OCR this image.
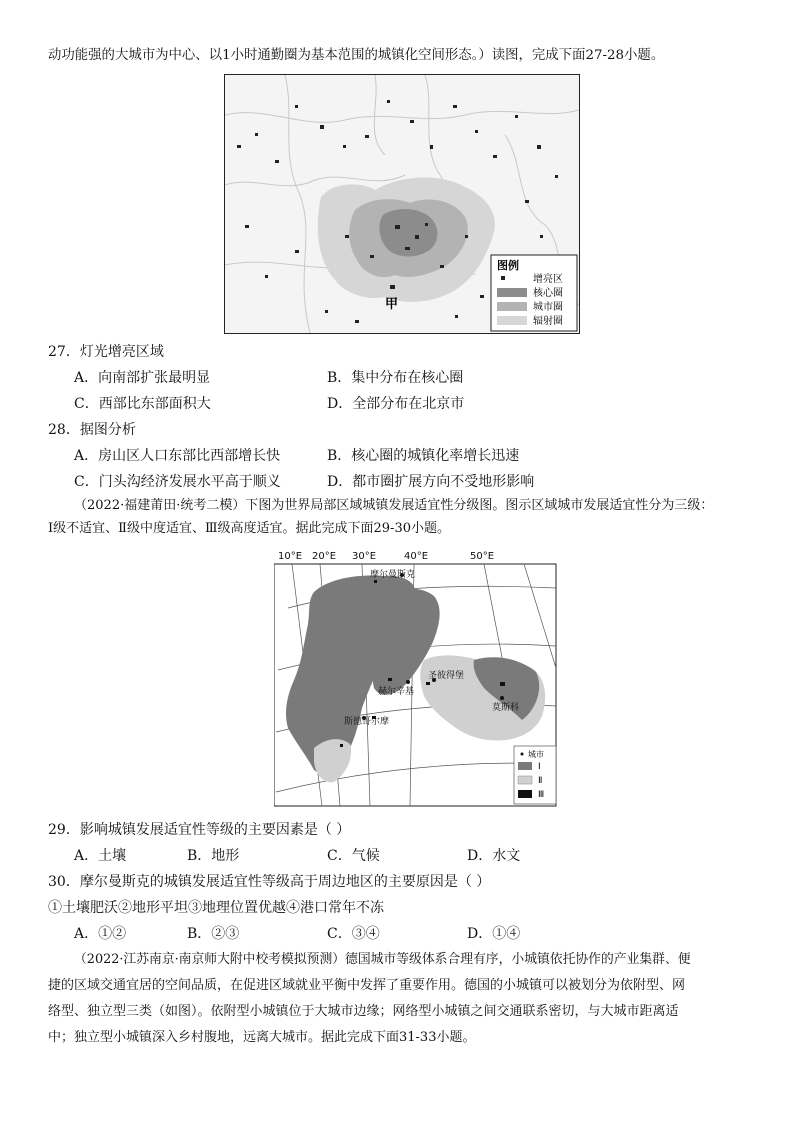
动功能强的大城市为中心、以1小时通勤圈为基本范围的城镇化空间形态。）读图，完成下面27-28小题。
甲
图例
增亮区
核心圈
城市圈
辐射圈
27．灯光增亮区域
A．向南部扩张最明显	B．集中分布在核心圈
C．西部比东部面积大	D．全部分布在北京市
28．据图分析
A．房山区人口东部比西部增长快	B．核心圈的城镇化率增长迅速
C．门头沟经济发展水平高于顺义	D．都市圈扩展方向不受地形影响
（2022·福建莆田·统考二模）下图为世界局部区域城镇发展适宜性分级图。图示区域城市发展适宜性分为三级：
Ⅰ级不适宜、Ⅱ级中度适宜、Ⅲ级高度适宜。据此完成下面29-30小题。
10°E 20°E 30°E	40°E	50°E
摩尔曼斯克
赫尔辛基
圣彼得堡
莫斯科
斯德哥尔摩
城市
Ⅰ
Ⅱ
Ⅲ
29．影响城镇发展适宜性等级的主要因素是（ ）
A．土壤	B．地形	C．气候	D．水文
30．摩尔曼斯克的城镇发展适宜性等级高于周边地区的主要原因是（ ）
①土壤肥沃②地形平坦③地理位置优越④港口常年不冻
A．①②	B．②③	C．③④	D．①④
（2022·江苏南京·南京师大附中校考模拟预测）德国城市等级体系合理有序，小城镇依托协作的产业集群、便
捷的区域交通宜居的空间品质，在促进区域就业平衡中发挥了重要作用。德国的小城镇可以被划分为依附型、网
络型、独立型三类（如图）。依附型小城镇位于大城市边缘；网络型小城镇之间交通联系密切，与大城市距离适
中；独立型小城镇深入乡村腹地，远离大城市。据此完成下面31-33小题。
